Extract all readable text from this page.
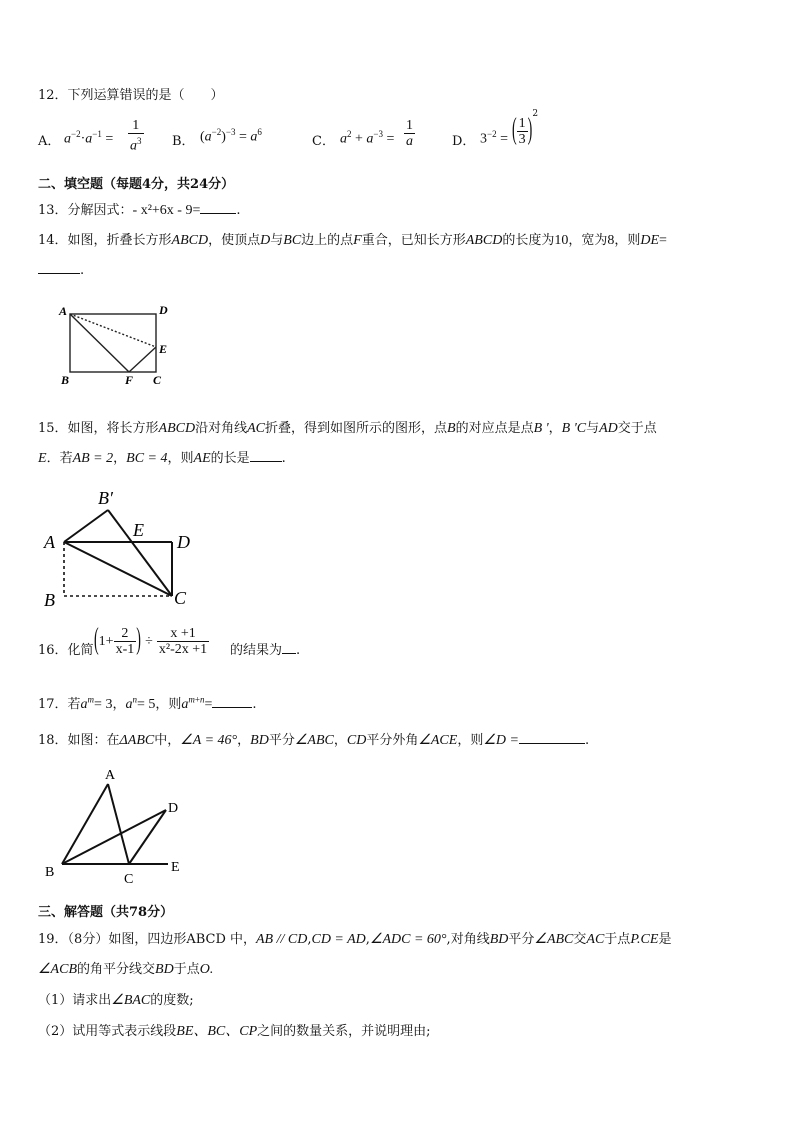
12．下列运算错误的是（　　）
A． $a^{-2}\cdot a^{-1} = \frac{1}{a^3}$ B． $(a^{-2})^{-3} = a^6$
C． $a^2 + a^{-3} = \frac{1}{a}$	D． $3^{-2}$ = ( $\frac{1}{3} )^2$
二、填空题（每题4分，共24分）
13．分解因式：- x²+6x - 9=	.
14．如图，折叠长方形ABCD，使顶点D与BC边上的点F重合，已知长方形ABCD的长度为10，宽为8，则DE=
.
A	D
E
B	F C
15．如图，将长方形ABCD沿对角线AC折叠，得到如图所示的图形，点B的对应点是点B '，B 'C与AD交于点
E．若AB = 2，BC = 4，则AE的长是 .
A
B′
E
D
B	C
16．化简 ($1+ \frac{2}{x-1}$ ) ÷ $\frac{x +1}{\text{x²-2x +1}}$ 的结果为 .
17．若$a^m= 3$，$a^n= 5$，则$a^{m+n}=$	.
18．如图：在ΔABC中，∠A = 46°，BD平分∠ABC，CD平分外角∠ACE，则∠D =	.
A
B	C
D
E
三、解答题（共78分）
19．（8分）如图，四边形ABCD 中，AB // CD,CD = AD,∠ADC = 60°,对角线BD平分∠ABC交AC于点P.CE是
∠ACB的角平分线交BD于点O.
（1）请求出∠BAC的度数;
（2）试用等式表示线段BE、BC、CP之间的数量关系，并说明理由;
